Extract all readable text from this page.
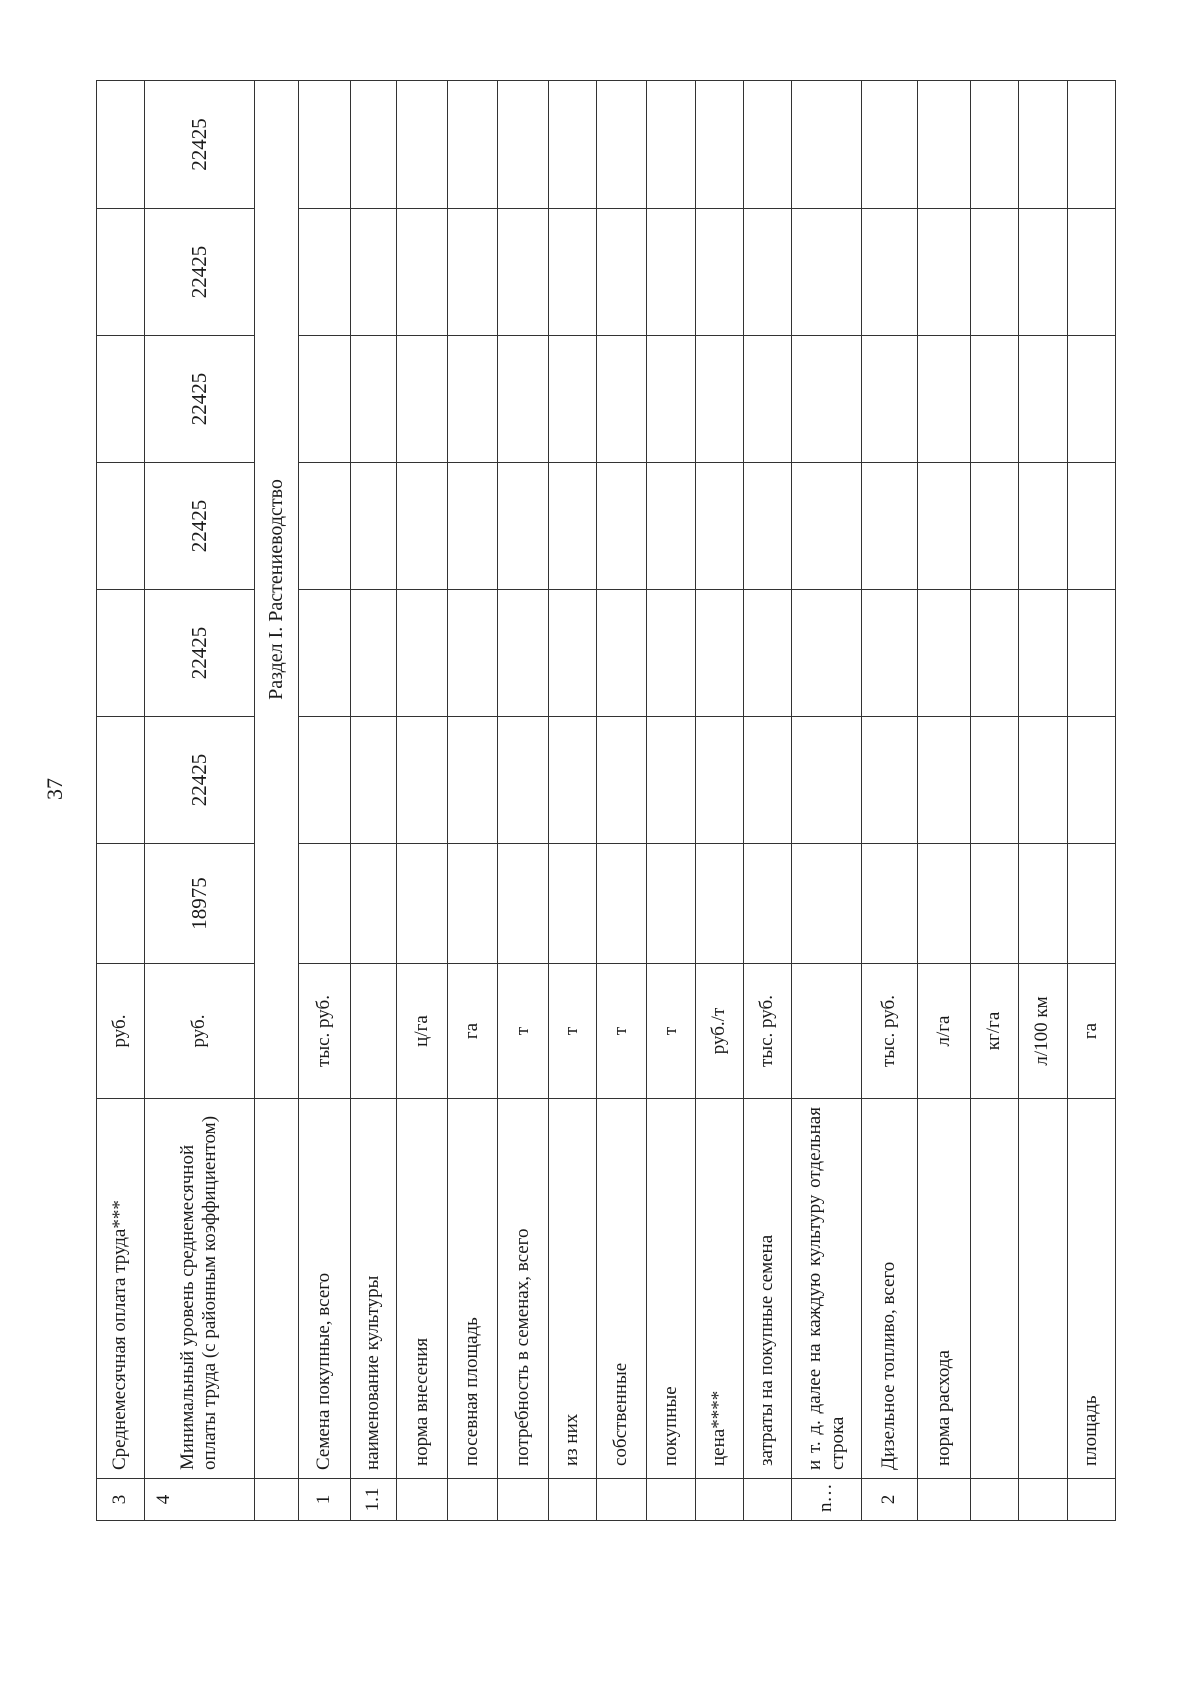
37
3	Среднемесячная оплата труда***	руб.							
4	Минимальный уровень среднемесячной оплаты труда (с районным коэффициентом)	руб.	18975	22425	22425	22425	22425	22425	22425
		Раздел I. Растениеводство							
1	Семена покупные, всего	тыс. руб.							
1.1	наименование культуры								
	норма внесения	ц/га							
	посевная площадь	га							
	потребность в семенах, всего	т							
	из них	т							
	собственные	т							
	покупные	т							
	цена****	руб./т							
	затраты на покупные семена	тыс. руб.							
n…	и т. д. далее на каждую культуру отдельная строка								
2	Дизельное топливо, всего	тыс. руб.							
	норма расхода	л/га							
		кг/га							
		л/100 км							
	площадь	га							
